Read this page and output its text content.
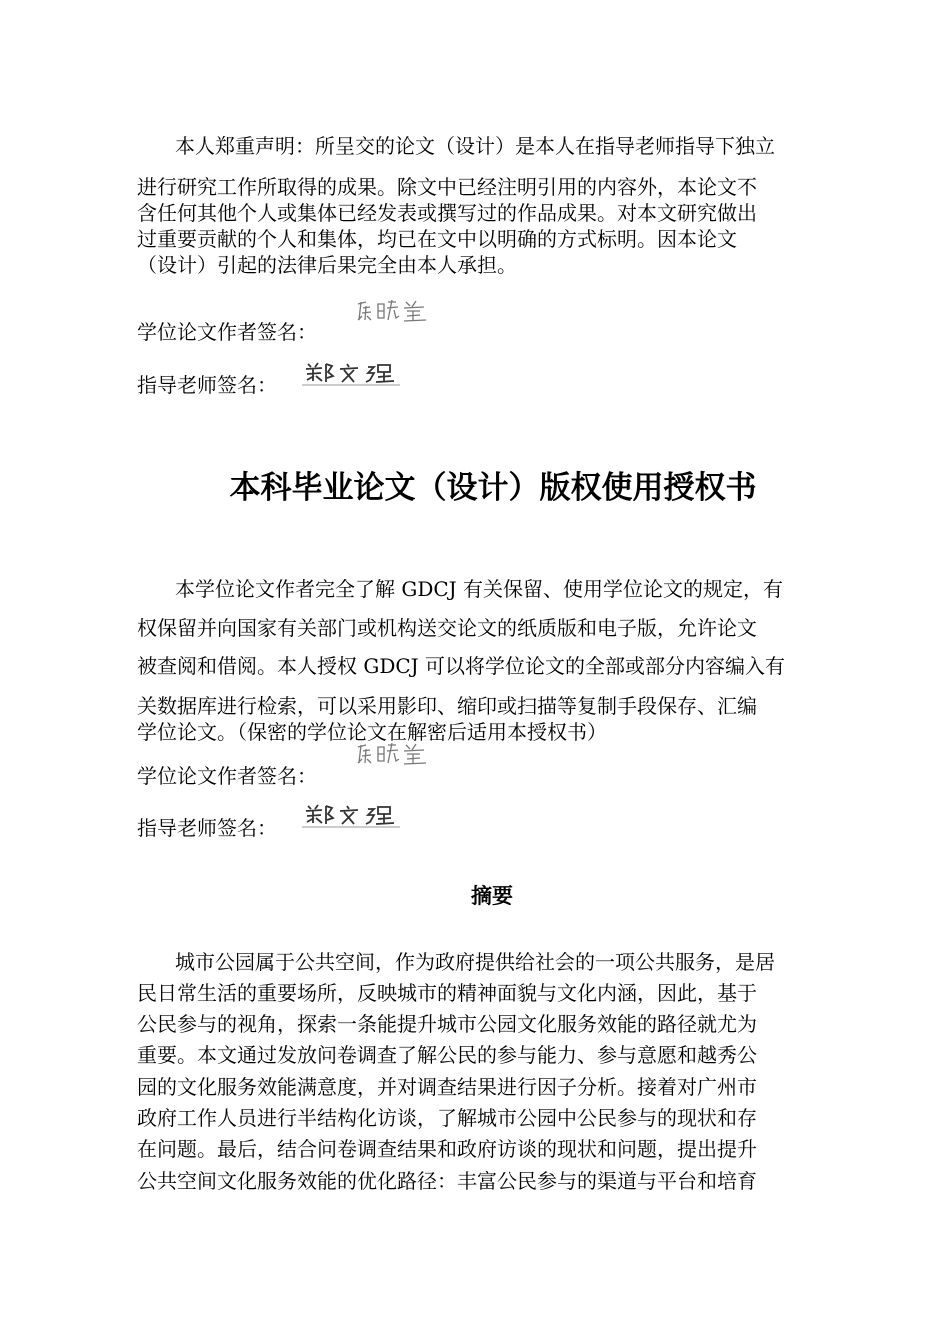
本人郑重声明：所呈交的论文（设计）是本人在指导老师指导下独立
进行研究工作所取得的成果。除文中已经注明引用的内容外，本论文不
含任何其他个人或集体已经发表或撰写过的作品成果。对本文研究做出
过重要贡献的个人和集体，均已在文中以明确的方式标明。因本论文
（设计）引起的法律后果完全由本人承担。
学位论文作者签名：
指导老师签名：
本科毕业论文（设计）版权使用授权书
本学位论文作者完全了解 GDCJ 有关保留、使用学位论文的规定，有
权保留并向国家有关部门或机构送交论文的纸质版和电子版，允许论文
被查阅和借阅。本人授权 GDCJ 可以将学位论文的全部或部分内容编入有
关数据库进行检索，可以采用影印、缩印或扫描等复制手段保存、汇编
学位论文。（保密的学位论文在解密后适用本授权书）
学位论文作者签名：
指导老师签名：
摘要
城市公园属于公共空间，作为政府提供给社会的一项公共服务，是居
民日常生活的重要场所，反映城市的精神面貌与文化内涵，因此，基于
公民参与的视角，探索一条能提升城市公园文化服务效能的路径就尤为
重要。本文通过发放问卷调查了解公民的参与能力、参与意愿和越秀公
园的文化服务效能满意度，并对调查结果进行因子分析。接着对广州市
政府工作人员进行半结构化访谈，了解城市公园中公民参与的现状和存
在问题。最后，结合问卷调查结果和政府访谈的现状和问题，提出提升
公共空间文化服务效能的优化路径：丰富公民参与的渠道与平台和培育
